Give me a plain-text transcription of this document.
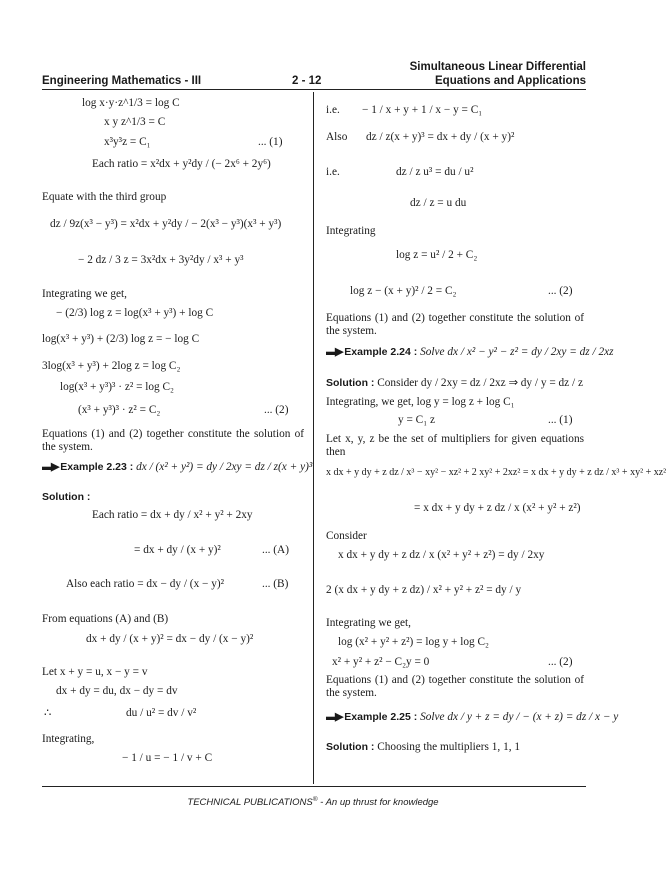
Simultaneous Linear Differential
Engineering Mathematics - III	2 - 12	Equations and Applications
log x·y·z^1/3 = log C
x y z^1/3 = C
x³y³z = C₁	... (1)
Each ratio = x²dx + y²dy / (− 2x⁶ + 2y⁶)
Equate with the third group
dz / 9z(x³ − y³) = x²dx + y²dy / − 2(x³ − y³)(x³ + y³)
− 2 dz / 3 z = 3x²dx + 3y²dy / x³ + y³
Integrating we get,
− (2/3) log z = log(x³ + y³) + log C
log(x³ + y³) + (2/3) log z = − log C
3log(x³ + y³) + 2log z = log C₂
log(x³ + y³)³ · z² = log C₂
(x³ + y³)³ · z² = C₂	... (2)
Equations (1) and (2) together constitute the solution of the system.
▬▶ Example 2.23 : dx / (x² + y²) = dy / 2xy = dz / z(x + y)³
Solution :
Each ratio = dx + dy / x² + y² + 2xy
= dx + dy / (x + y)²	... (A)
Also each ratio = dx − dy / (x − y)²	... (B)
From equations (A) and (B)
dx + dy / (x + y)² = dx − dy / (x − y)²
Let x + y = u, x − y = v
dx + dy = du, dx − dy = dv
∴	du / u² = dv / v²
Integrating,
− 1 / u = − 1 / v + C
i.e. − 1 / x + y + 1 / x − y = C₁
Also dz / z(x + y)³ = dx + dy / (x + y)²
i.e.	dz / z u³ = du / u²
dz / z = u du
Integrating
log z = u² / 2 + C₂
log z − (x + y)² / 2 = C₂	... (2)
Equations (1) and (2) together constitute the solution of the system.
▬▶ Example 2.24 : Solve dx / x² − y² − z² = dy / 2xy = dz / 2xz
Solution : Consider dy / 2xy = dz / 2xz ⇒ dy / y = dz / z
Integrating, we get, log y = log z + log C₁
y = C₁ z	... (1)
Let x, y, z be the set of multipliers for given equations then
x dx + y dy + z dz / x³ − xy² − xz² + 2 xy² + 2xz² = x dx + y dy + z dz / x³ + xy² + xz²
= x dx + y dy + z dz / x (x² + y² + z²)
Consider
x dx + y dy + z dz / x (x² + y² + z²) = dy / 2xy
2 (x dx + y dy + z dz) / x² + y² + z² = dy / y
Integrating we get,
log (x² + y² + z²) = log y + log C₂
x² + y² + z² − C₂y = 0	... (2)
Equations (1) and (2) together constitute the solution of the system.
▬▶ Example 2.25 : Solve dx / y + z = dy / − (x + z) = dz / x − y
Solution : Choosing the multipliers 1, 1, 1
TECHNICAL PUBLICATIONS® - An up thrust for knowledge
